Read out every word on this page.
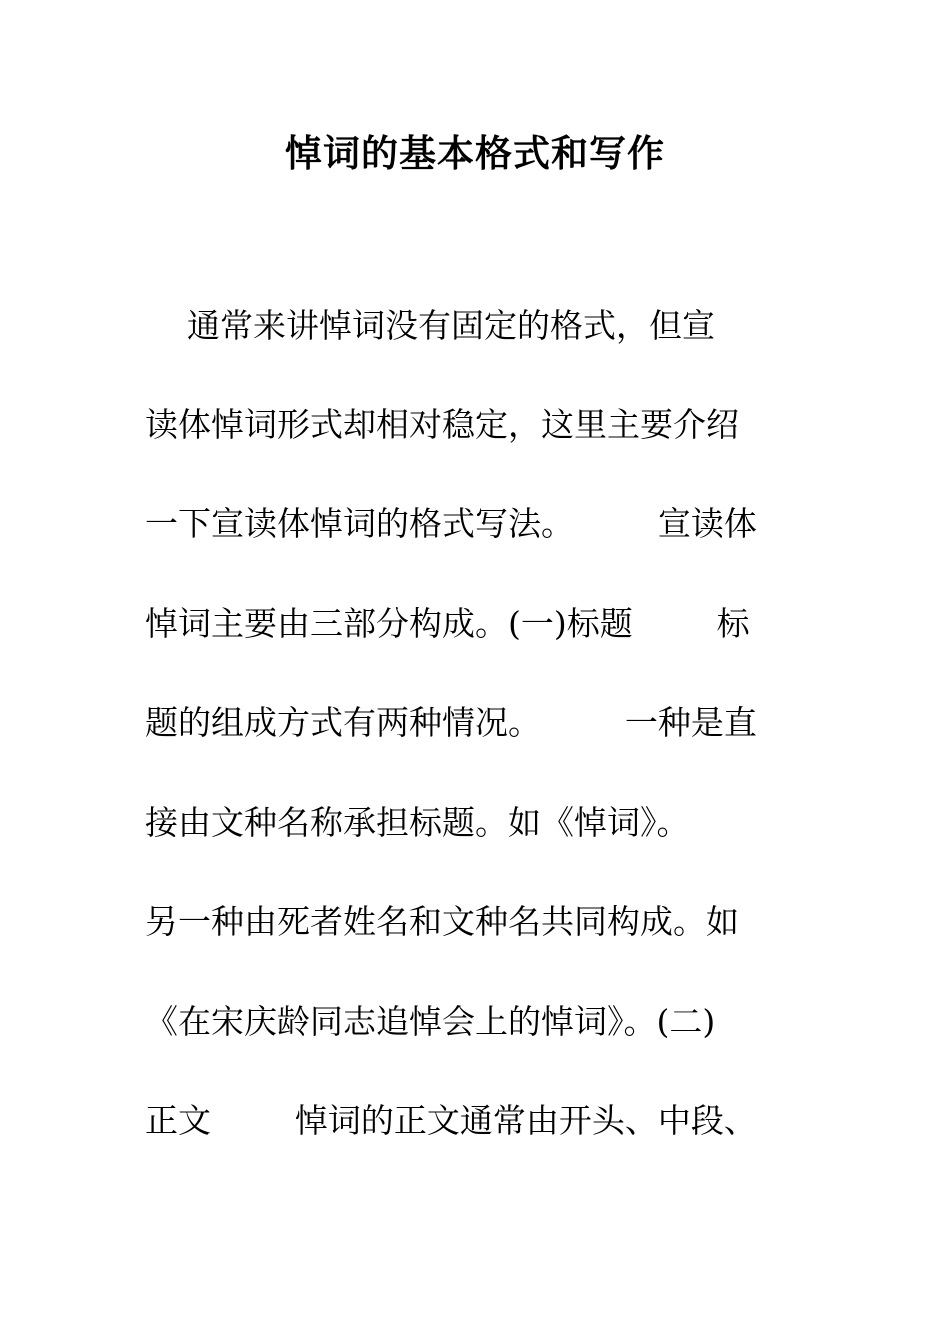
悼词的基本格式和写作
通常来讲悼词没有固定的格式，但宣
读体悼词形式却相对稳定，这里主要介绍
一下宣读体悼词的格式写法。        宣读体
悼词主要由三部分构成。(一)标题        标
题的组成方式有两种情况。        一种是直
接由文种名称承担标题。如《悼词》。
另一种由死者姓名和文种名共同构成。如
《在宋庆龄同志追悼会上的悼词》。(二)
正文        悼词的正文通常由开头、中段、
